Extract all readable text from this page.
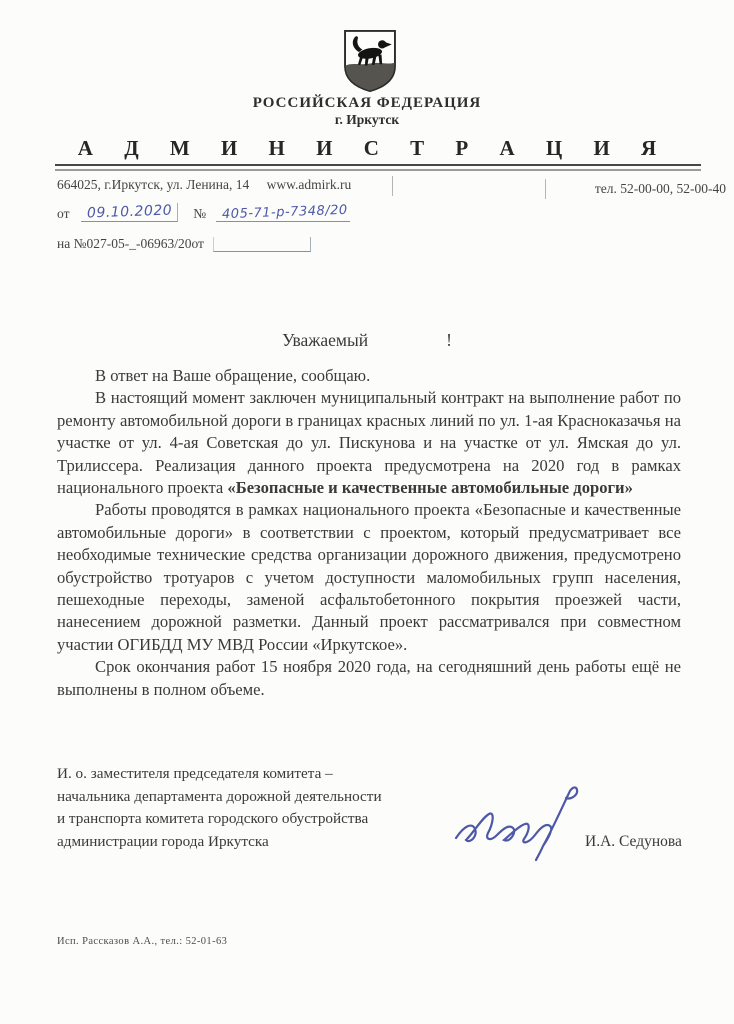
РОССИЙСКАЯ ФЕДЕРАЦИЯ
г. Иркутск
А Д М И Н И С Т Р А Ц И Я
664025, г.Иркутск, ул. Ленина, 14 www.admirk.ru	тел. 52-00-00, 52-00-40
от 09.10.2020 № 405-71-р-7348/20
на №027-05-_-06963/20от
Уважаемый	!

В ответ на Ваше обращение, сообщаю.

В настоящий момент заключен муниципальный контракт на выполнение работ по ремонту автомобильной дороги в границах красных линий по ул. 1-ая Красноказачья на участке от ул. 4-ая Советская до ул. Пискунова и на участке от ул. Ямская до ул. Трилиссера. Реализация данного проекта предусмотрена на 2020 год в рамках национального проекта «Безопасные и качественные автомобильные дороги»

Работы проводятся в рамках национального проекта «Безопасные и качественные автомобильные дороги» в соответствии с проектом, который предусматривает все необходимые технические средства организации дорожного движения, предусмотрено обустройство тротуаров с учетом доступности маломобильных групп населения, пешеходные переходы, заменой асфальтобетонного покрытия проезжей части, нанесением дорожной разметки. Данный проект рассматривался при совместном участии ОГИБДД МУ МВД России «Иркутское».

Срок окончания работ 15 ноября 2020 года, на сегодняшний день работы ещё не выполнены в полном объеме.

И. о. заместителя председателя комитета –
начальника департамента дорожной деятельности
и транспорта комитета городского обустройства
администрации города Иркутска	И.А. Седунова
Исп. Рассказов А.А., тел.: 52-01-63
